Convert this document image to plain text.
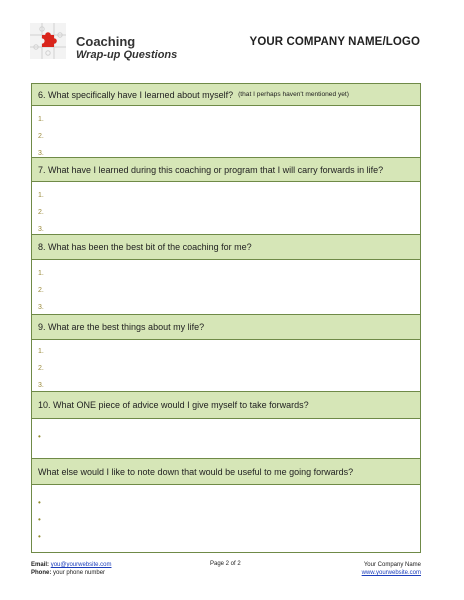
Coaching
Wrap-up Questions
YOUR COMPANY NAME/LOGO
6. What specifically have I learned about myself? (that I perhaps haven't mentioned yet)
1.
2.
3.
7. What have I learned during this coaching or program that I will carry forwards in life?
1.
2.
3.
8. What has been the best bit of the coaching for me?
1.
2.
3.
9. What are the best things about my life?
1.
2.
3.
10. What ONE piece of advice would I give myself to take forwards?
•
What else would I like to note down that would be useful to me going forwards?
•
•
•
Email: you@yourwebsite.com
Phone: your phone number
Page 2 of 2	Your Company Name
www.yourwebsite.com
